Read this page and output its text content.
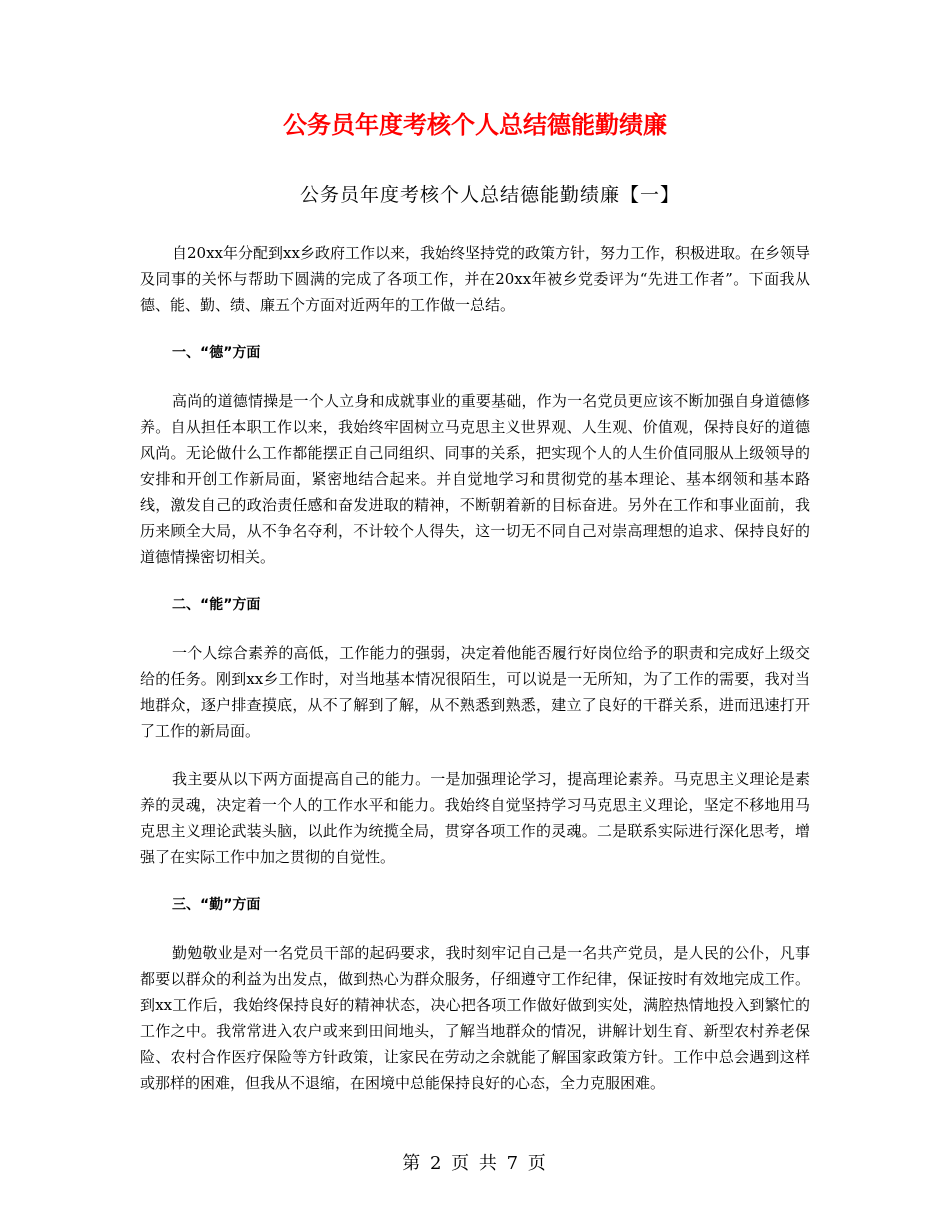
公务员年度考核个人总结德能勤绩廉
公务员年度考核个人总结德能勤绩廉【一】

自20xx年分配到xx乡政府工作以来，我始终坚持党的政策方针，努力工作，积极进取。在乡领导及同事的关怀与帮助下圆满的完成了各项工作，并在20xx年被乡党委评为“先进工作者”。下面我从德、能、勤、绩、廉五个方面对近两年的工作做一总结。

一、“德”方面

高尚的道德情操是一个人立身和成就事业的重要基础，作为一名党员更应该不断加强自身道德修养。自从担任本职工作以来，我始终牢固树立马克思主义世界观、人生观、价值观，保持良好的道德风尚。无论做什么工作都能摆正自己同组织、同事的关系，把实现个人的人生价值同服从上级领导的安排和开创工作新局面，紧密地结合起来。并自觉地学习和贯彻党的基本理论、基本纲领和基本路线，激发自己的政治责任感和奋发进取的精神，不断朝着新的目标奋进。另外在工作和事业面前，我历来顾全大局，从不争名夺利，不计较个人得失，这一切无不同自己对崇高理想的追求、保持良好的道德情操密切相关。

二、“能”方面

一个人综合素养的高低，工作能力的强弱，决定着他能否履行好岗位给予的职责和完成好上级交给的任务。刚到xx乡工作时，对当地基本情况很陌生，可以说是一无所知，为了工作的需要，我对当地群众，逐户排查摸底，从不了解到了解，从不熟悉到熟悉，建立了良好的干群关系，进而迅速打开了工作的新局面。

我主要从以下两方面提高自己的能力。一是加强理论学习，提高理论素养。马克思主义理论是素养的灵魂，决定着一个人的工作水平和能力。我始终自觉坚持学习马克思主义理论，坚定不移地用马克思主义理论武装头脑，以此作为统揽全局，贯穿各项工作的灵魂。二是联系实际进行深化思考，增强了在实际工作中加之贯彻的自觉性。

三、“勤”方面

勤勉敬业是对一名党员干部的起码要求，我时刻牢记自己是一名共产党员，是人民的公仆，凡事都要以群众的利益为出发点，做到热心为群众服务，仔细遵守工作纪律，保证按时有效地完成工作。到xx工作后，我始终保持良好的精神状态，决心把各项工作做好做到实处，满腔热情地投入到繁忙的工作之中。我常常进入农户或来到田间地头，了解当地群众的情况，讲解计划生育、新型农村养老保险、农村合作医疗保险等方针政策，让家民在劳动之余就能了解国家政策方针。工作中总会遇到这样或那样的困难，但我从不退缩，在困境中总能保持良好的心态，全力克服困难。

第 2 页 共 7 页
